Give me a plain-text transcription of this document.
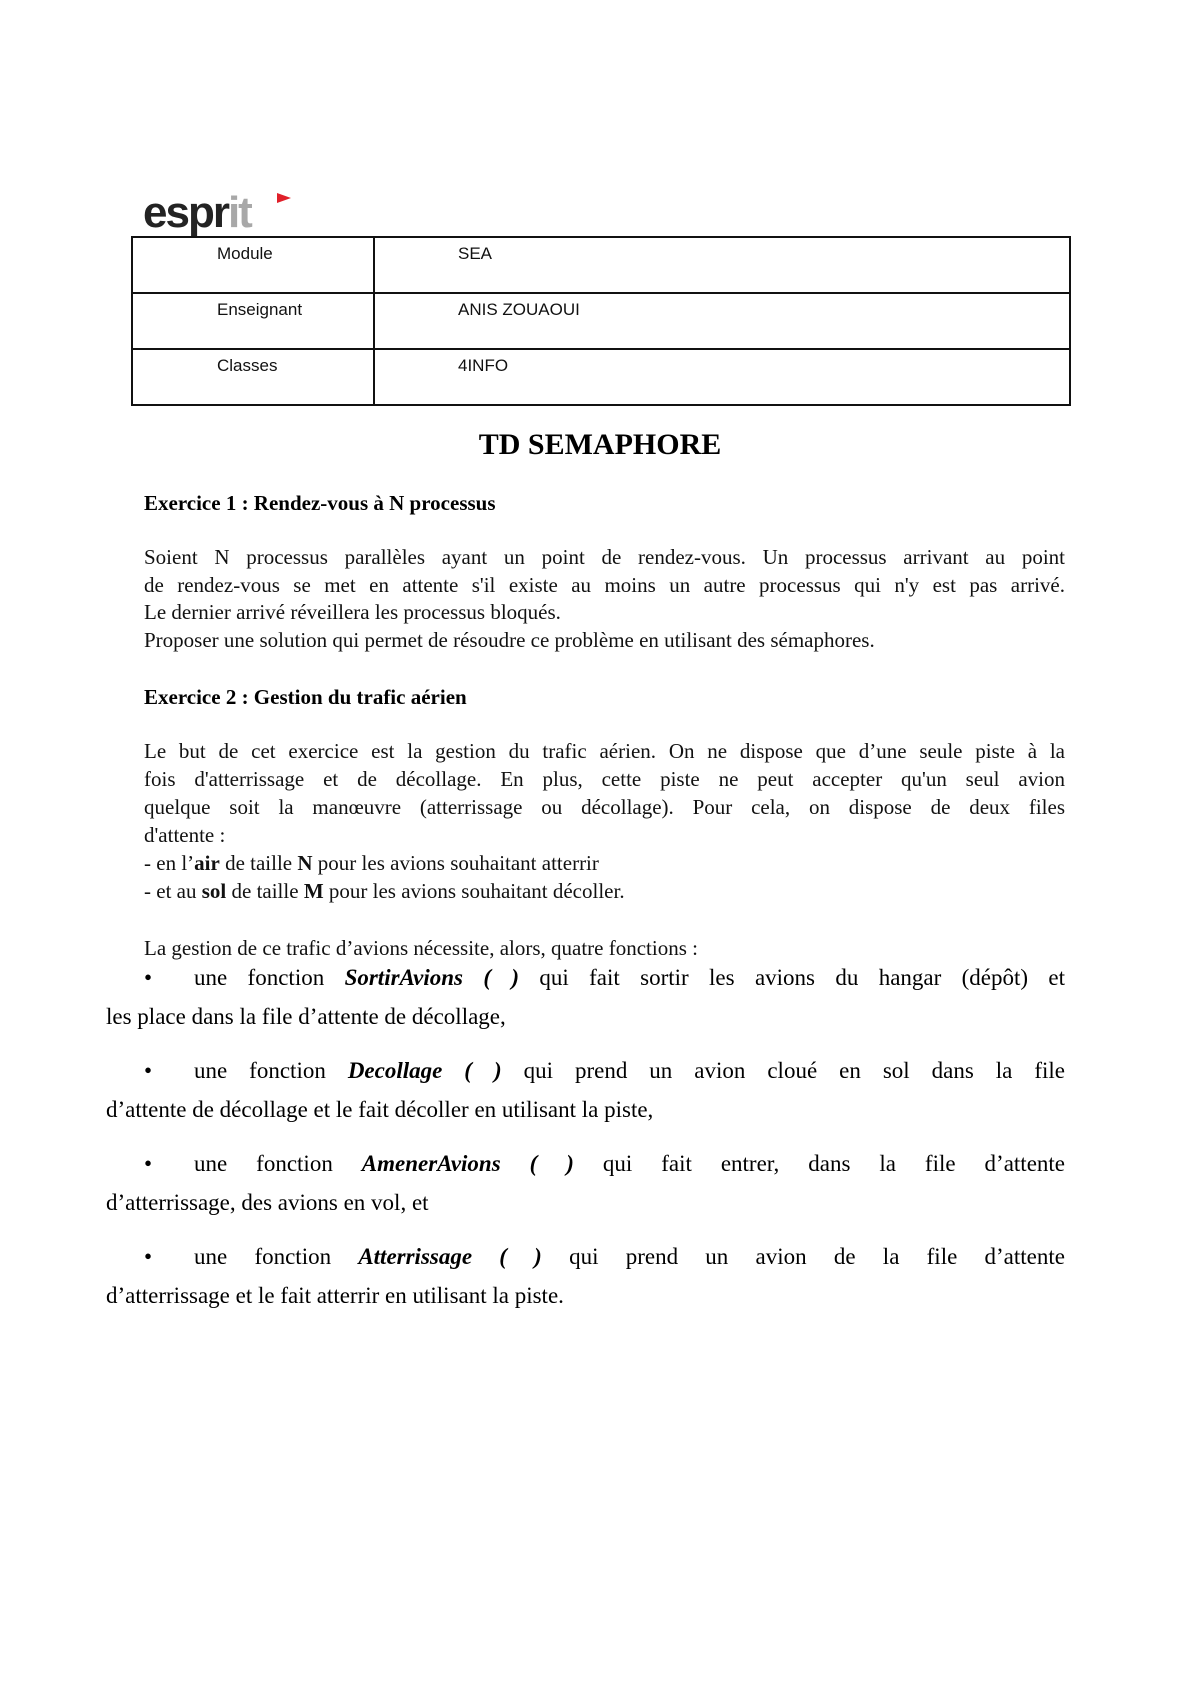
esprit
Module	SEA
Enseignant	ANIS ZOUAOUI
Classes	4INFO
TD SEMAPHORE
Exercice 1 : Rendez-vous à N processus
Soient N processus parallèles ayant un point de rendez-vous. Un processus arrivant au point
de rendez-vous se met en attente s'il existe au moins un autre processus qui n'y est pas arrivé.
Le dernier arrivé réveillera les processus bloqués.
Proposer une solution qui permet de résoudre ce problème en utilisant des sémaphores.
Exercice 2 : Gestion du trafic aérien
Le but de cet exercice est la gestion du trafic aérien. On ne dispose que d’une seule piste à la
fois d'atterrissage et de décollage. En plus, cette piste ne peut accepter qu'un seul avion
quelque soit la manœuvre (atterrissage ou décollage). Pour cela, on dispose de deux files
d'attente :
- en l’air de taille N pour les avions souhaitant atterrir
- et au sol de taille M pour les avions souhaitant décoller.
La gestion de ce trafic d’avions nécessite, alors, quatre fonctions :
• une fonction SortirAvions ( ) qui fait sortir les avions du hangar (dépôt) et
les place dans la file d’attente de décollage,
• une fonction Decollage ( ) qui prend un avion cloué en sol dans la file
d’attente de décollage et le fait décoller en utilisant la piste,
• une fonction AmenerAvions ( ) qui fait entrer, dans la file d’attente
d’atterrissage, des avions en vol, et
• une fonction Atterrissage ( ) qui prend un avion de la file d’attente
d’atterrissage et le fait atterrir en utilisant la piste.
